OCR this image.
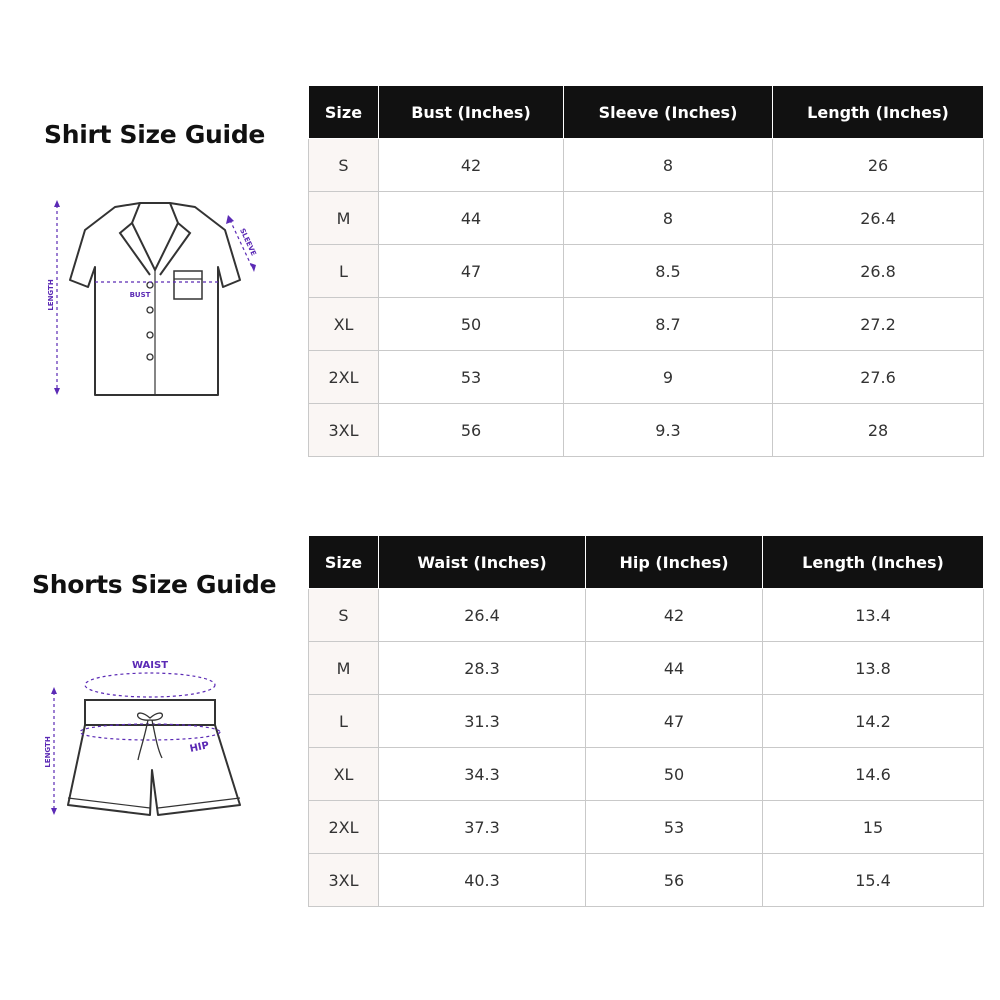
Shirt Size Guide
LENGTH	BUST
SLEEVE
Size	Bust (Inches)	Sleeve (Inches)	Length (Inches)
S	42	8	26
M	44	8	26.4
L	47	8.5	26.8
XL	50	8.7	27.2
2XL	53	9	27.6
3XL	56	9.3	28
Shorts Size Guide
WAIST
HIP
LENGTH
Size	Waist (Inches)	Hip (Inches)	Length (Inches)
S	26.4	42	13.4
M	28.3	44	13.8
L	31.3	47	14.2
XL	34.3	50	14.6
2XL	37.3	53	15
3XL	40.3	56	15.4
